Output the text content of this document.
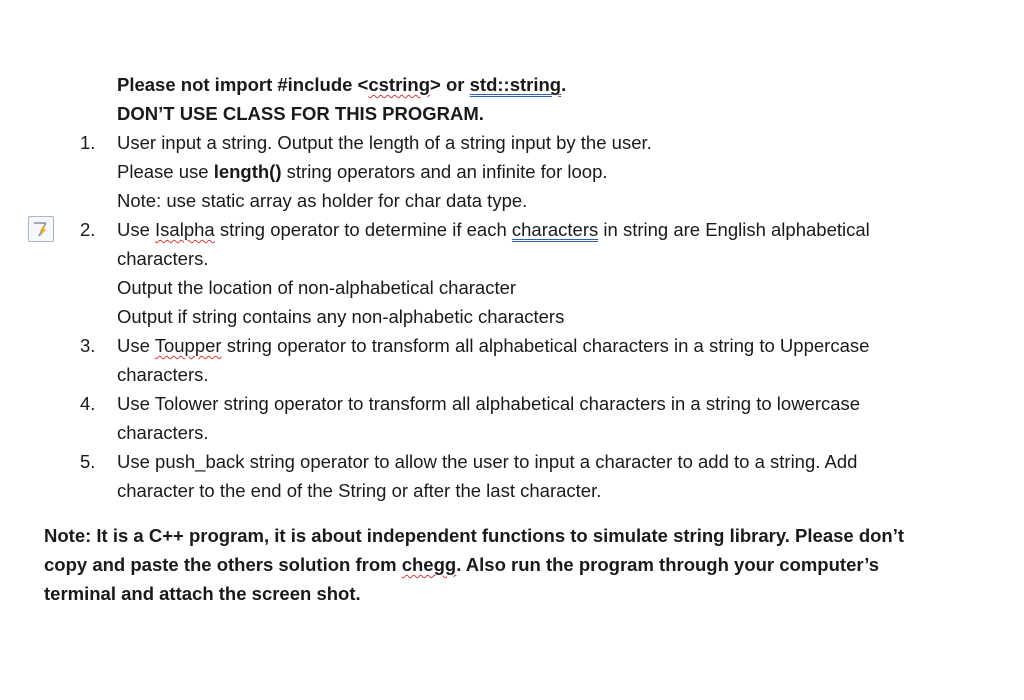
Please not import #include <cstring> or std::string.
DON’T USE CLASS FOR THIS PROGRAM.
1. User input a string. Output the length of a string input by the user.
Please use length() string operators and an infinite for loop.
Note: use static array as holder for char data type.
2. Use Isalpha string operator to determine if each characters in string are English alphabetical
characters.
Output the location of non-alphabetical character
Output if string contains any non-alphabetic characters
3. Use Toupper string operator to transform all alphabetical characters in a string to Uppercase
characters.
4. Use Tolower string operator to transform all alphabetical characters in a string to lowercase
characters.
5. Use push_back string operator to allow the user to input a character to add to a string. Add
character to the end of the String or after the last character.
Note: It is a C++ program, it is about independent functions to simulate string library. Please don’t
copy and paste the others solution from chegg. Also run the program through your computer’s
terminal and attach the screen shot.
